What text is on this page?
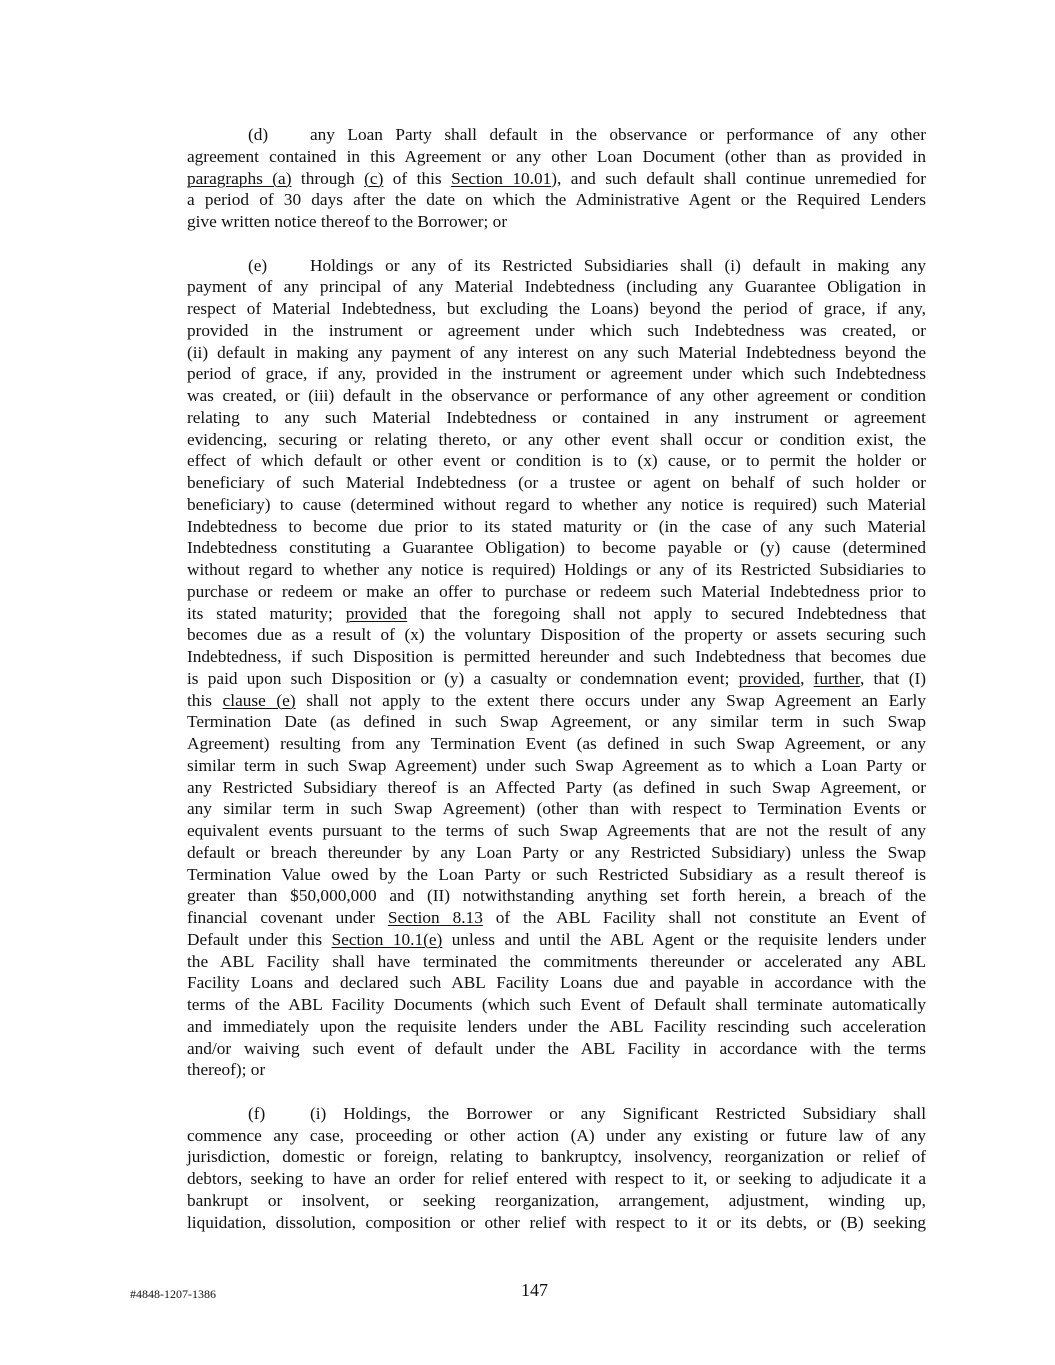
(d) any Loan Party shall default in the observance or performance of any other
agreement contained in this Agreement or any other Loan Document (other than as provided in
paragraphs (a) through (c) of this Section 10.01), and such default shall continue unremedied for
a period of 30 days after the date on which the Administrative Agent or the Required Lenders
give written notice thereof to the Borrower; or
(e) Holdings or any of its Restricted Subsidiaries shall (i) default in making any
payment of any principal of any Material Indebtedness (including any Guarantee Obligation in
respect of Material Indebtedness, but excluding the Loans) beyond the period of grace, if any,
provided in the instrument or agreement under which such Indebtedness was created, or
(ii) default in making any payment of any interest on any such Material Indebtedness beyond the
period of grace, if any, provided in the instrument or agreement under which such Indebtedness
was created, or (iii) default in the observance or performance of any other agreement or condition
relating to any such Material Indebtedness or contained in any instrument or agreement
evidencing, securing or relating thereto, or any other event shall occur or condition exist, the
effect of which default or other event or condition is to (x) cause, or to permit the holder or
beneficiary of such Material Indebtedness (or a trustee or agent on behalf of such holder or
beneficiary) to cause (determined without regard to whether any notice is required) such Material
Indebtedness to become due prior to its stated maturity or (in the case of any such Material
Indebtedness constituting a Guarantee Obligation) to become payable or (y) cause (determined
without regard to whether any notice is required) Holdings or any of its Restricted Subsidiaries to
purchase or redeem or make an offer to purchase or redeem such Material Indebtedness prior to
its stated maturity; provided that the foregoing shall not apply to secured Indebtedness that
becomes due as a result of (x) the voluntary Disposition of the property or assets securing such
Indebtedness, if such Disposition is permitted hereunder and such Indebtedness that becomes due
is paid upon such Disposition or (y) a casualty or condemnation event; provided, further, that (I)
this clause (e) shall not apply to the extent there occurs under any Swap Agreement an Early
Termination Date (as defined in such Swap Agreement, or any similar term in such Swap
Agreement) resulting from any Termination Event (as defined in such Swap Agreement, or any
similar term in such Swap Agreement) under such Swap Agreement as to which a Loan Party or
any Restricted Subsidiary thereof is an Affected Party (as defined in such Swap Agreement, or
any similar term in such Swap Agreement) (other than with respect to Termination Events or
equivalent events pursuant to the terms of such Swap Agreements that are not the result of any
default or breach thereunder by any Loan Party or any Restricted Subsidiary) unless the Swap
Termination Value owed by the Loan Party or such Restricted Subsidiary as a result thereof is
greater than $50,000,000 and (II) notwithstanding anything set forth herein, a breach of the
financial covenant under Section 8.13 of the ABL Facility shall not constitute an Event of
Default under this Section 10.1(e) unless and until the ABL Agent or the requisite lenders under
the ABL Facility shall have terminated the commitments thereunder or accelerated any ABL
Facility Loans and declared such ABL Facility Loans due and payable in accordance with the
terms of the ABL Facility Documents (which such Event of Default shall terminate automatically
and immediately upon the requisite lenders under the ABL Facility rescinding such acceleration
and/or waiving such event of default under the ABL Facility in accordance with the terms
thereof); or
(f)	(i) Holdings, the Borrower or any Significant Restricted Subsidiary shall
commence any case, proceeding or other action (A) under any existing or future law of any
jurisdiction, domestic or foreign, relating to bankruptcy, insolvency, reorganization or relief of
debtors, seeking to have an order for relief entered with respect to it, or seeking to adjudicate it a
bankrupt or insolvent, or seeking reorganization, arrangement, adjustment, winding up,
liquidation, dissolution, composition or other relief with respect to it or its debts, or (B) seeking
#4848-1207-1386	147
